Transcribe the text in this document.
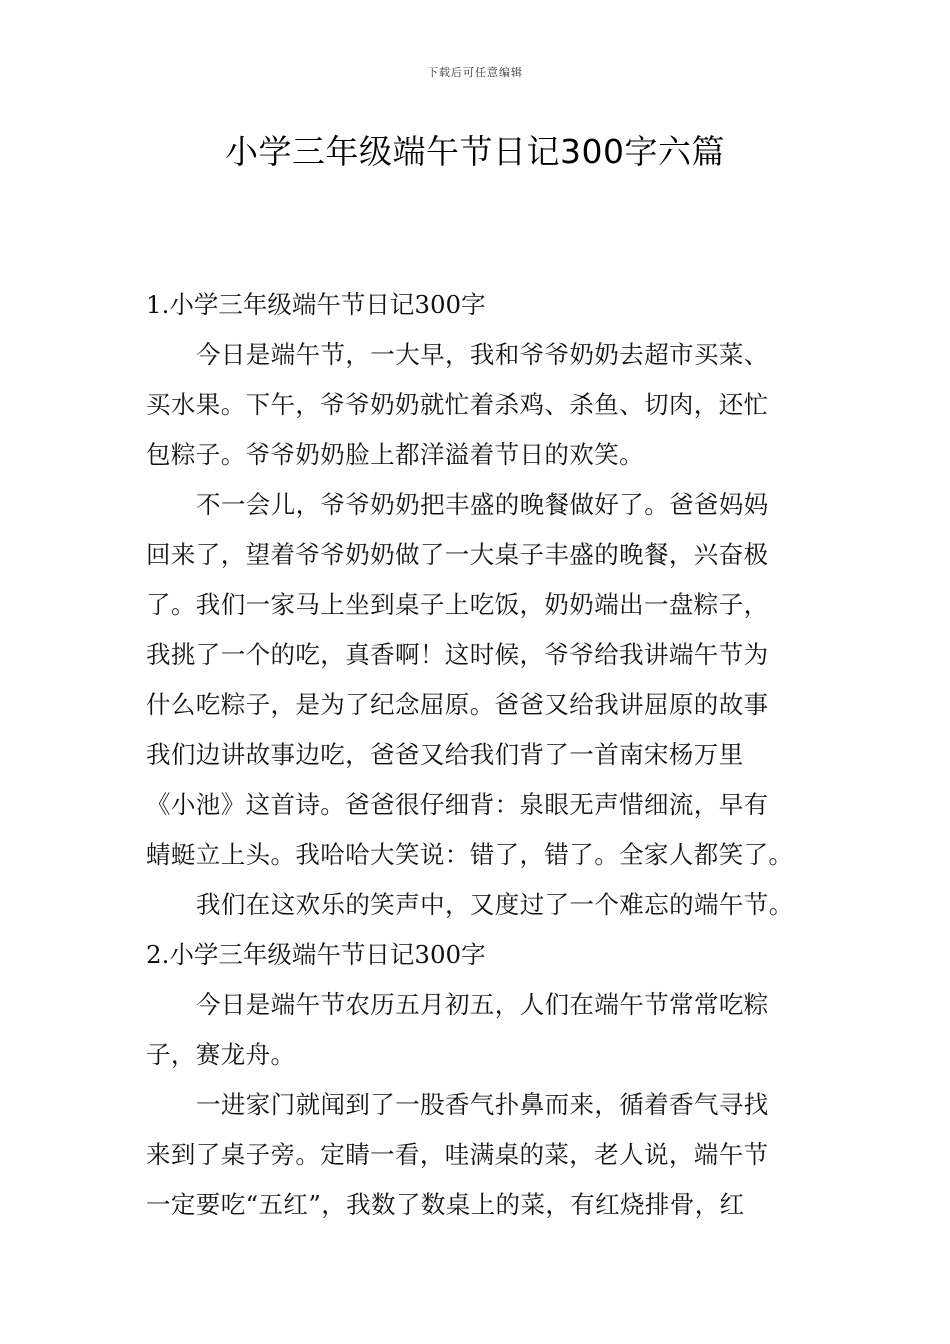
下载后可任意编辑
小学三年级端午节日记300字六篇
1.小学三年级端午节日记300字
今日是端午节，一大早，我和爷爷奶奶去超市买菜、
买水果。下午，爷爷奶奶就忙着杀鸡、杀鱼、切肉，还忙
包粽子。爷爷奶奶脸上都洋溢着节日的欢笑。
不一会儿，爷爷奶奶把丰盛的晚餐做好了。爸爸妈妈
回来了，望着爷爷奶奶做了一大桌子丰盛的晚餐，兴奋极
了。我们一家马上坐到桌子上吃饭，奶奶端出一盘粽子，
我挑了一个的吃，真香啊！这时候，爷爷给我讲端午节为
什么吃粽子，是为了纪念屈原。爸爸又给我讲屈原的故事
我们边讲故事边吃，爸爸又给我们背了一首南宋杨万里
《小池》这首诗。爸爸很仔细背：泉眼无声惜细流，早有
蜻蜓立上头。我哈哈大笑说：错了，错了。全家人都笑了。
我们在这欢乐的笑声中，又度过了一个难忘的端午节。
2.小学三年级端午节日记300字
今日是端午节农历五月初五，人们在端午节常常吃粽
子，赛龙舟。
一进家门就闻到了一股香气扑鼻而来，循着香气寻找
来到了桌子旁。定睛一看，哇满桌的菜，老人说，端午节
一定要吃“五红”，我数了数桌上的菜，有红烧排骨，红
